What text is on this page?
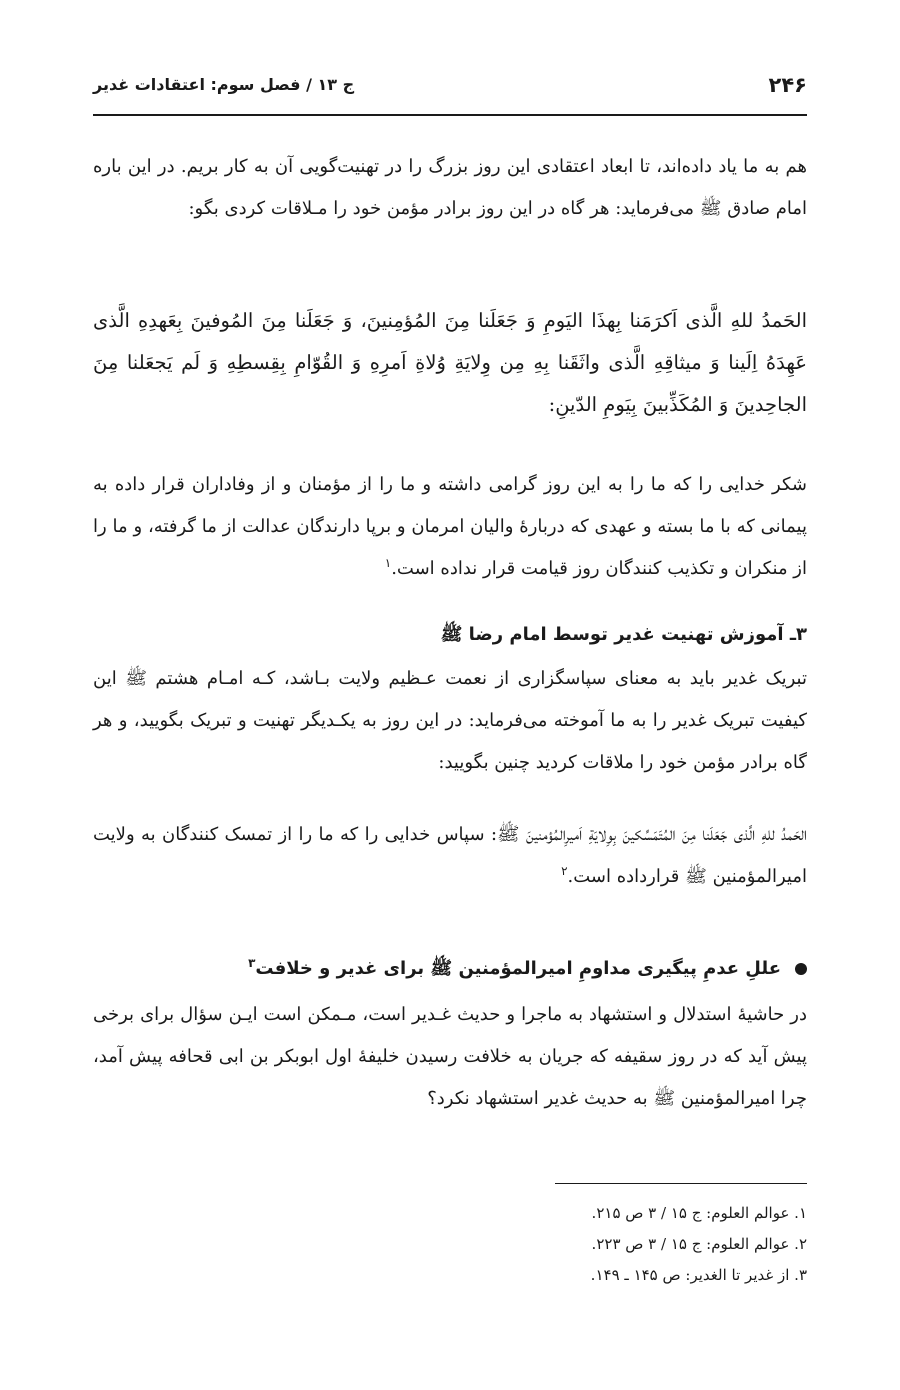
۲۴۶
ج ۱۳ / فصل سوم: اعتقادات غدیر

هم به ما یاد داده‌اند، تا ابعاد اعتقادی این روز بزرگ را در تهنیت‌گویی آن به کار بریم. در این باره امام صادق ﷺ می‌فرماید: هر گاه در این روز برادر مؤمن خود را مـلاقات کردی بگو:

الحَمدُ للهِ الَّذی اَکرَمَنا بِهذَا الیَومِ وَ جَعَلَنا مِنَ المُؤمِنینَ، وَ جَعَلَنا مِنَ المُوفینَ بِعَهدِهِ الَّذی عَهِدَهُ اِلَینا وَ میثاقِهِ الَّذی واثَقَنا بِهِ مِن وِلایَةِ وُلاةِ اَمرِهِ وَ القُوّامِ بِقِسطِهِ وَ لَم یَجعَلنا مِنَ الجاحِدینَ وَ المُکَذِّبینَ بِیَومِ الدّینِ:

شکر خدایی را که ما را به این روز گرامی داشته و ما را از مؤمنان و از وفاداران قرار داده به پیمانی که با ما بسته و عهدی که دربارهٔ والیان امرمان و برپا دارندگان عدالت از ما گرفته، و ما را از منکران و تکذیب کنندگان روز قیامت قرار نداده است.$^۱$

۳ـ آموزش تهنیت غدیر توسط امام رضا ﷺ

تبریک غدیر باید به معنای سپاسگزاری از نعمت عـظیم ولایت بـاشد، کـه امـام هشتم ﷺ این کیفیت تبریک غدیر را به ما آموخته می‌فرماید: در این روز به یکـدیگر تهنیت و تبریک بگویید، و هر گاه برادر مؤمن خود را ملاقات کردید چنین بگویید:

الحَمدُ للهِ الَّذی جَعَلَنا مِنَ المُتَمَسِّکینَ بِوِلایَةِ اَمیرِالمُؤمنینَ ﷺ: سپاس خدایی را که ما را از تمسک کنندگان به ولایت امیرالمؤمنین ﷺ قرارداده است.$^۲$

عللِ عدمِ پیگیری مداومِ امیرالمؤمنین ﷺ برای غدیر و خلافت$^۳$

در حاشیهٔ استدلال و استشهاد به ماجرا و حدیث غـدیر است، مـمکن است ایـن سؤال برای برخی پیش آید که در روز سقیفه که جریان به خلافت رسیدن خلیفهٔ اول ابوبکر بن ابی قحافه پیش آمد، چرا امیرالمؤمنین ﷺ به حدیث غدیر استشهاد نکرد؟

۱. عوالم العلوم: ج ۱۵ / ۳ ص ۲۱۵.

۲. عوالم العلوم: ج ۱۵ / ۳ ص ۲۲۳.

۳. از غدیر تا الغدیر: ص ۱۴۵ ـ ۱۴۹.
